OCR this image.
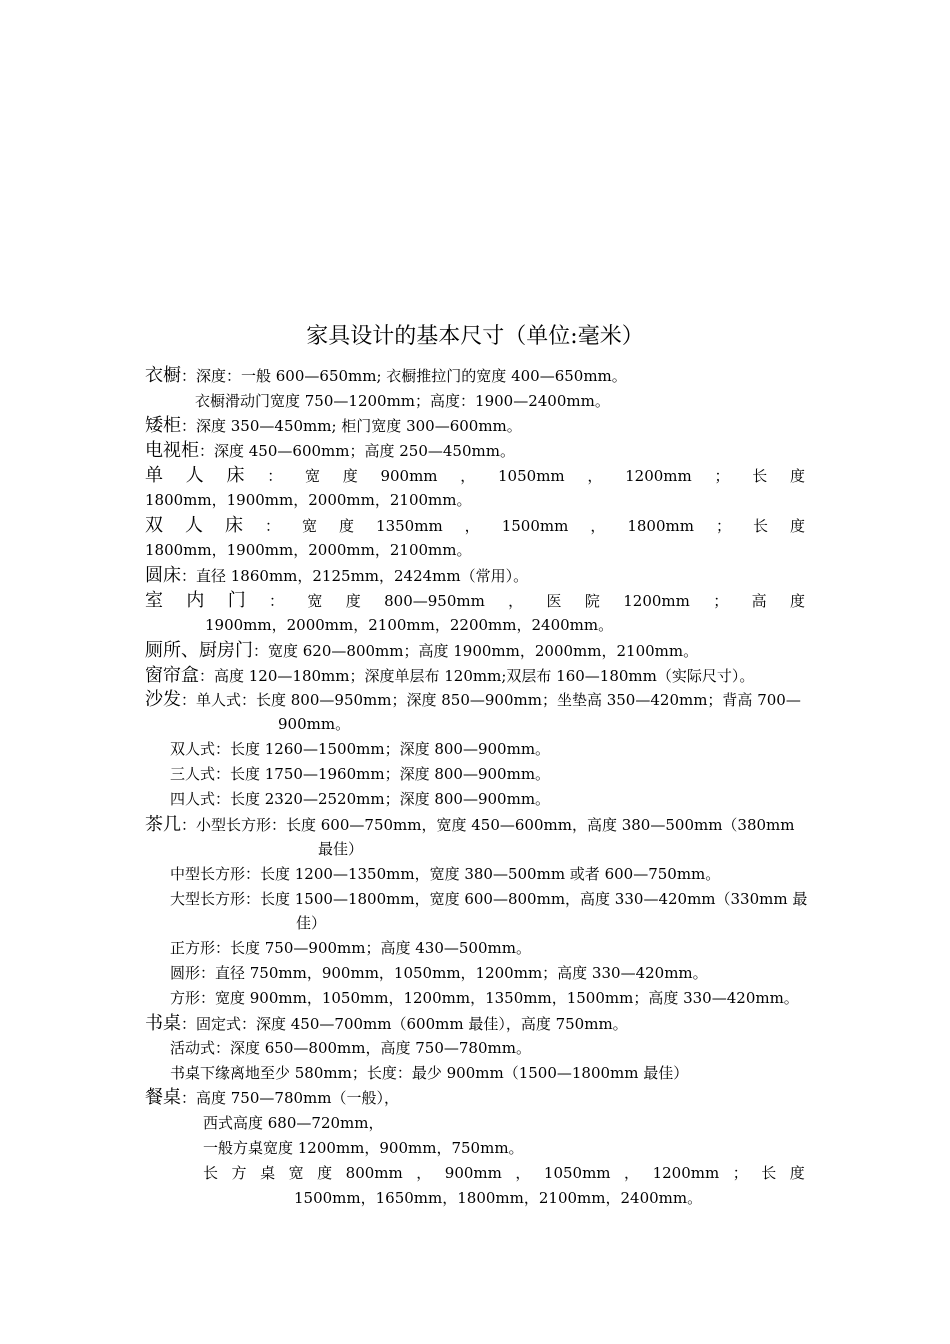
家具设计的基本尺寸（单位:毫米）
衣橱：深度：一般 600—650mm; 衣橱推拉门的宽度 400—650mm。
衣橱滑动门宽度 750—1200mm；高度：1900—2400mm。
矮柜：深度 350—450mm; 柜门宽度 300—600mm。
电视柜：深度 450—600mm；高度 250—450mm。
单 人 床 ： 宽 度 900mm ， 1050mm ， 1200mm ； 长 度
1800mm，1900mm，2000mm，2100mm。
双 人 床 ： 宽 度 1350mm ， 1500mm ， 1800mm ； 长 度
1800mm，1900mm，2000mm，2100mm。
圆床：直径 1860mm，2125mm，2424mm（常用）。
室 内 门 ： 宽 度 800—950mm ， 医 院 1200mm ； 高 度
1900mm，2000mm，2100mm，2200mm，2400mm。
厕所、厨房门：宽度 620—800mm；高度 1900mm，2000mm，2100mm。
窗帘盒：高度 120—180mm；深度单层布 120mm;双层布 160—180mm（实际尺寸）。
沙发：单人式：长度 800—950mm；深度 850—900mm；坐垫高 350—420mm；背高 700—
900mm。
双人式：长度 1260—1500mm；深度 800—900mm。
三人式：长度 1750—1960mm；深度 800—900mm。
四人式：长度 2320—2520mm；深度 800—900mm。
茶几：小型长方形：长度 600—750mm，宽度 450—600mm，高度 380—500mm（380mm
最佳）
中型长方形：长度 1200—1350mm，宽度 380—500mm 或者 600—750mm。
大型长方形：长度 1500—1800mm，宽度 600—800mm，高度 330—420mm（330mm 最
佳）
正方形：长度 750—900mm；高度 430—500mm。
圆形：直径 750mm，900mm，1050mm，1200mm；高度 330—420mm。
方形：宽度 900mm，1050mm，1200mm，1350mm，1500mm；高度 330—420mm。
书桌：固定式：深度 450—700mm（600mm 最佳），高度 750mm。
活动式：深度 650—800mm，高度 750—780mm。
书桌下缘离地至少 580mm；长度：最少 900mm（1500—1800mm 最佳）
餐桌：高度 750—780mm（一般），
西式高度 680—720mm，
一般方桌宽度 1200mm，900mm，750mm。
长 方 桌 宽 度 800mm ， 900mm ， 1050mm ， 1200mm ； 长 度
1500mm，1650mm，1800mm，2100mm，2400mm。
